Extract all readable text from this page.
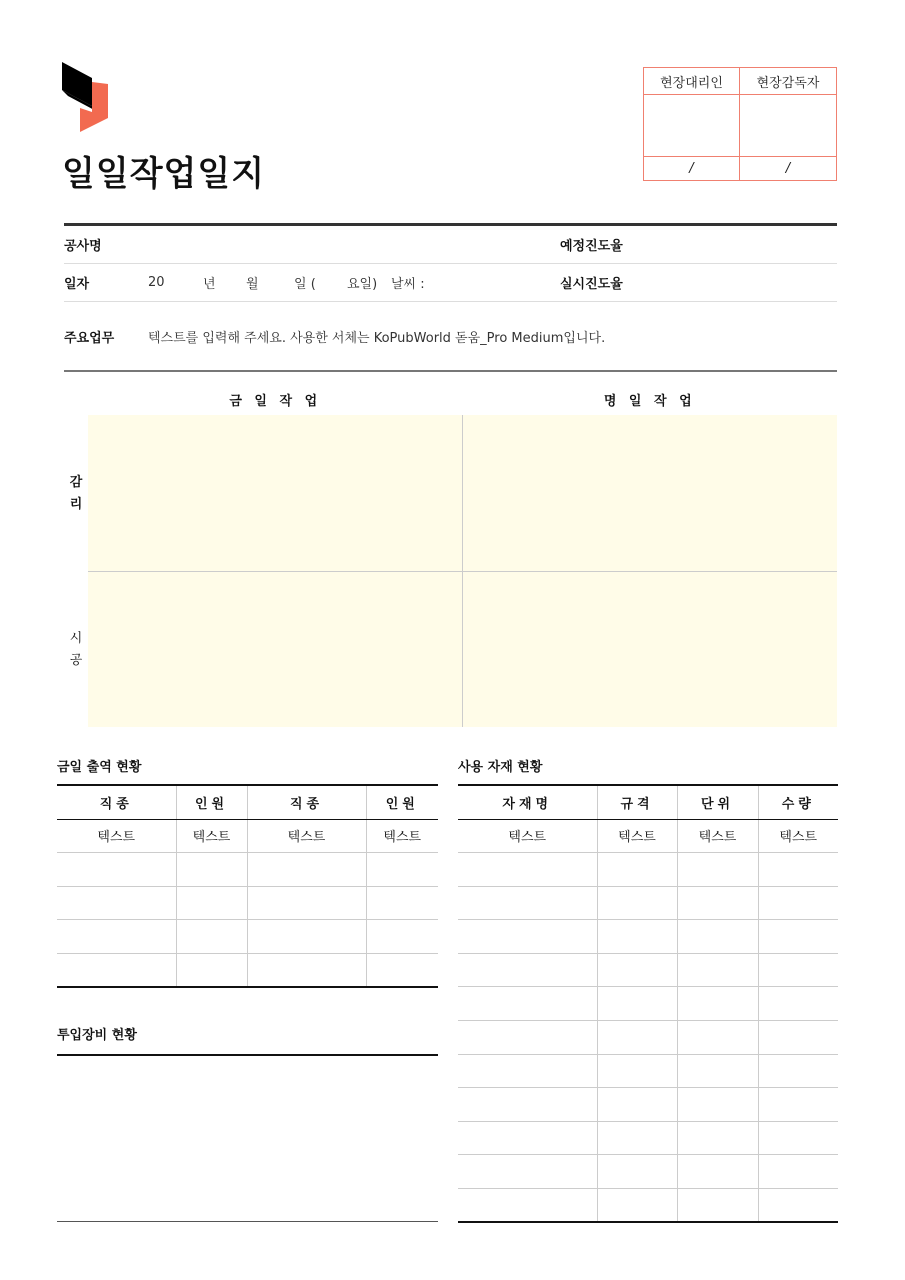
일일작업일지
현장대리인	현장감독자
/	/
공사명	예정진도율
일자	20	년	월	일 (	요일)	날씨 :	실시진도율
주요업무	텍스트를 입력해 주세요. 사용한 서체는 KoPubWorld 돋움_Pro Medium입니다.
금 일 작 업	명 일 작 업
감
리
시
공
금일 출역 현황
직종	인원	직종	인원
텍스트	텍스트	텍스트	텍스트

투입장비 현황
사용 자재 현황
자재명	규격	단위	수량
텍스트	텍스트	텍스트	텍스트
